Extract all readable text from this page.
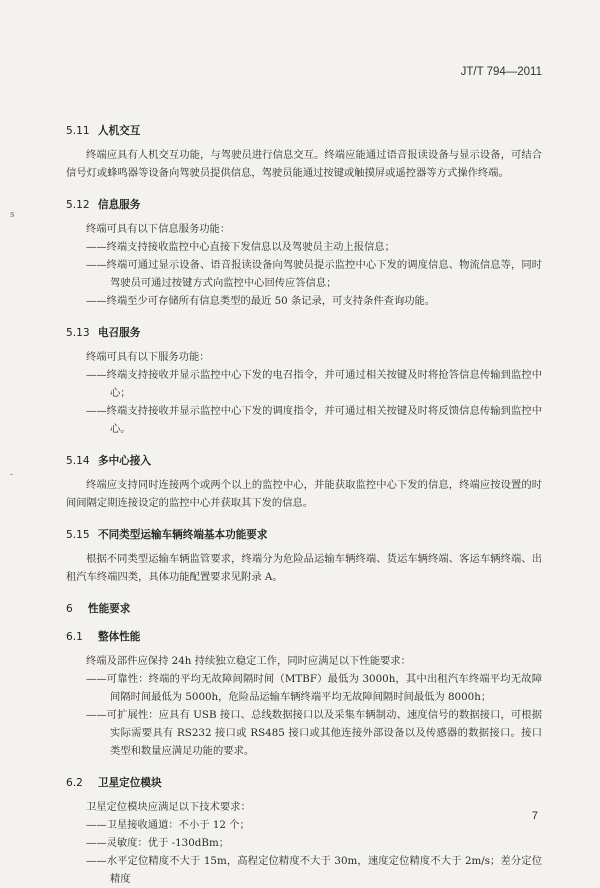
JT/T 794—2011
s
-

5.11 人机交互

终端应具有人机交互功能，与驾驶员进行信息交互。终端应能通过语音报读设备与显示设备，可结合信号灯或蜂鸣器等设备向驾驶员提供信息，驾驶员能通过按键或触摸屏或遥控器等方式操作终端。

5.12 信息服务

终端可具有以下信息服务功能：

——终端支持接收监控中心直接下发信息以及驾驶员主动上报信息；

——终端可通过显示设备、语音报读设备向驾驶员提示监控中心下发的调度信息、物流信息等，同时驾驶员可通过按键方式向监控中心回传应答信息；

——终端至少可存储所有信息类型的最近 50 条记录，可支持条件查询功能。

5.13 电召服务

终端可具有以下服务功能：

——终端支持接收并显示监控中心下发的电召指令，并可通过相关按键及时将抢答信息传输到监控中心；

——终端支持接收并显示监控中心下发的调度指令，并可通过相关按键及时将反馈信息传输到监控中心。

5.14 多中心接入

终端应支持同时连接两个或两个以上的监控中心，并能获取监控中心下发的信息，终端应按设置的时间间隔定期连接设定的监控中心并获取其下发的信息。

5.15 不同类型运输车辆终端基本功能要求

根据不同类型运输车辆监管要求，终端分为危险品运输车辆终端、货运车辆终端、客运车辆终端、出租汽车终端四类，具体功能配置要求见附录 A。

6 性能要求

6.1 整体性能

终端及部件应保持 24h 持续独立稳定工作，同时应满足以下性能要求：

——可靠性：终端的平均无故障间隔时间（MTBF）最低为 3000h，其中出租汽车终端平均无故障间隔时间最低为 5000h，危险品运输车辆终端平均无故障间隔时间最低为 8000h；

——可扩展性：应具有 USB 接口、总线数据接口以及采集车辆制动、速度信号的数据接口，可根据实际需要具有 RS232 接口或 RS485 接口或其他连接外部设备以及传感器的数据接口。接口类型和数量应满足功能的要求。

6.2 卫星定位模块

卫星定位模块应满足以下技术要求：

——卫星接收通道：不小于 12 个；

——灵敏度：优于 -130dBm；

——水平定位精度不大于 15m，高程定位精度不大于 30m，速度定位精度不大于 2m/s；差分定位精度

7
